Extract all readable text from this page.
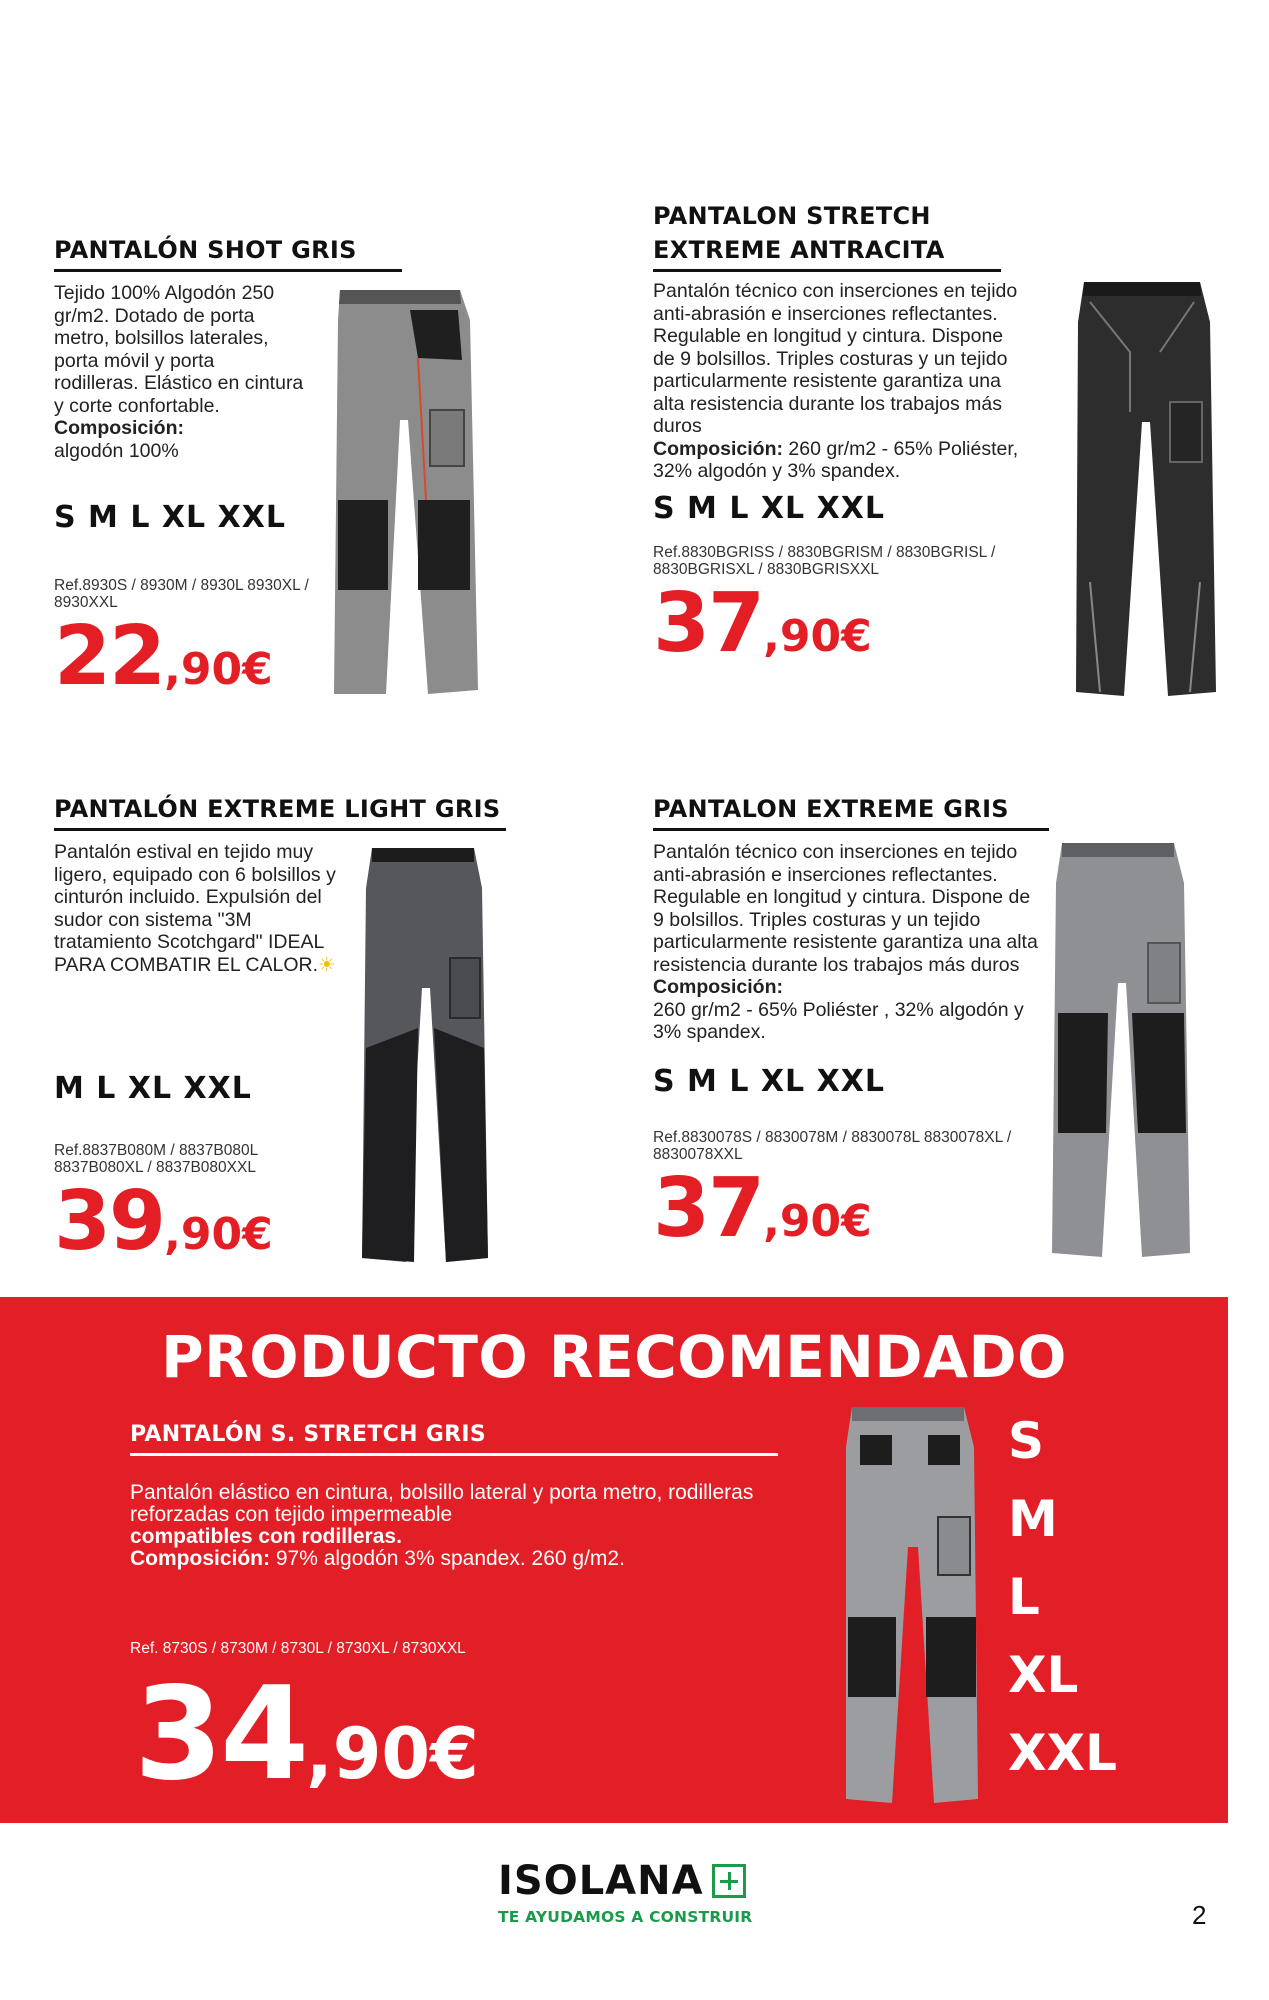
PANTALÓN SHOT GRIS
Tejido 100% Algodón 250 gr/m2. Dotado de porta metro, bolsillos laterales, porta móvil y porta rodilleras. Elástico en cintura y corte confortable.
Composición:
algodón 100%
S M L XL XXL
Ref.8930S / 8930M / 8930L 8930XL / 8930XXL
22,90€
PANTALON STRETCH
EXTREME ANTRACITA
Pantalón técnico con inserciones en tejido anti-abrasión e inserciones reflectantes. Regulable en longitud y cintura. Dispone de 9 bolsillos. Triples costuras y un tejido particularmente resistente garantiza una alta resistencia durante los trabajos más duros
Composición: 260 gr/m2 - 65% Poliéster, 32% algodón y 3% spandex.
S M L XL XXL
Ref.8830BGRISS / 8830BGRISM / 8830BGRISL / 8830BGRISXL / 8830BGRISXXL
37,90€
PANTALÓN EXTREME LIGHT GRIS
Pantalón estival en tejido muy ligero, equipado con 6 bolsillos y cinturón incluido. Expulsión del sudor con sistema "3M tratamiento Scotchgard" IDEAL PARA COMBATIR EL CALOR.☀
M L XL XXL
Ref.8837B080M / 8837B080L 8837B080XL / 8837B080XXL
39,90€
PANTALON EXTREME GRIS
Pantalón técnico con inserciones en tejido anti-abrasión e inserciones reflectantes. Regulable en longitud y cintura. Dispone de 9 bolsillos. Triples costuras y un tejido particularmente resistente garantiza una alta resistencia durante los trabajos más duros
Composición:
260 gr/m2 - 65% Poliéster , 32% algodón y 3% spandex.
S M L XL XXL
Ref.8830078S / 8830078M / 8830078L 8830078XL / 8830078XXL
37,90€
PRODUCTO RECOMENDADO
PANTALÓN S. STRETCH GRIS
Pantalón elástico en cintura, bolsillo lateral y porta metro, rodilleras reforzadas con tejido impermeable
compatibles con rodilleras.
Composición: 97% algodón 3% spandex. 260 g/m2.
Ref. 8730S / 8730M / 8730L / 8730XL / 8730XXL
34,90€
S
M
L
XL
XXL
ISOLANA
TE AYUDAMOS A CONSTRUIR	2
